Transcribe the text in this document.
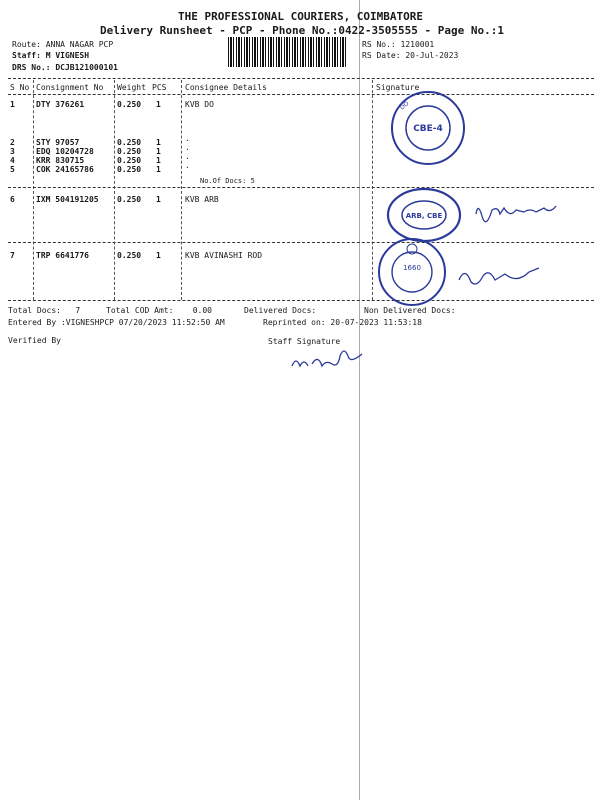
THE PROFESSIONAL COURIERS, COIMBATORE
Delivery Runsheet - PCP - Phone No.:0422-3505555 - Page No.:1
Route: ANNA NAGAR PCP
Staff: M VIGNESH
DRS No.: DCJB121000101
RS No.: 1210001
RS Date: 20-Jul-2023
S No Consignment No Weight PCS Consignee Details	Signature
1	DTY 376261	0.250 1	KVB DO
2	STY 97057	0.250 1	.
3	EDQ 10204728	0.250 1	.
4	KRR 830715	0.250 1	.
5	COK 24165786	0.250 1	.
No.Of Docs: 5
6	IXM 504191205 0.250 1	KVB ARB
7	TRP 6641776	0.250 1	KVB AVINASHI ROD
Total Docs:   7	Total COD Amt:    0.00	Delivered Docs:	Non Delivered Docs:
Entered By :VIGNESHPCP 07/20/2023 11:52:50 AM	Reprinted on: 20-07-2023 11:53:18
Verified By	Staff Signature
CBE-4
DO
ARB, CBE
1660
